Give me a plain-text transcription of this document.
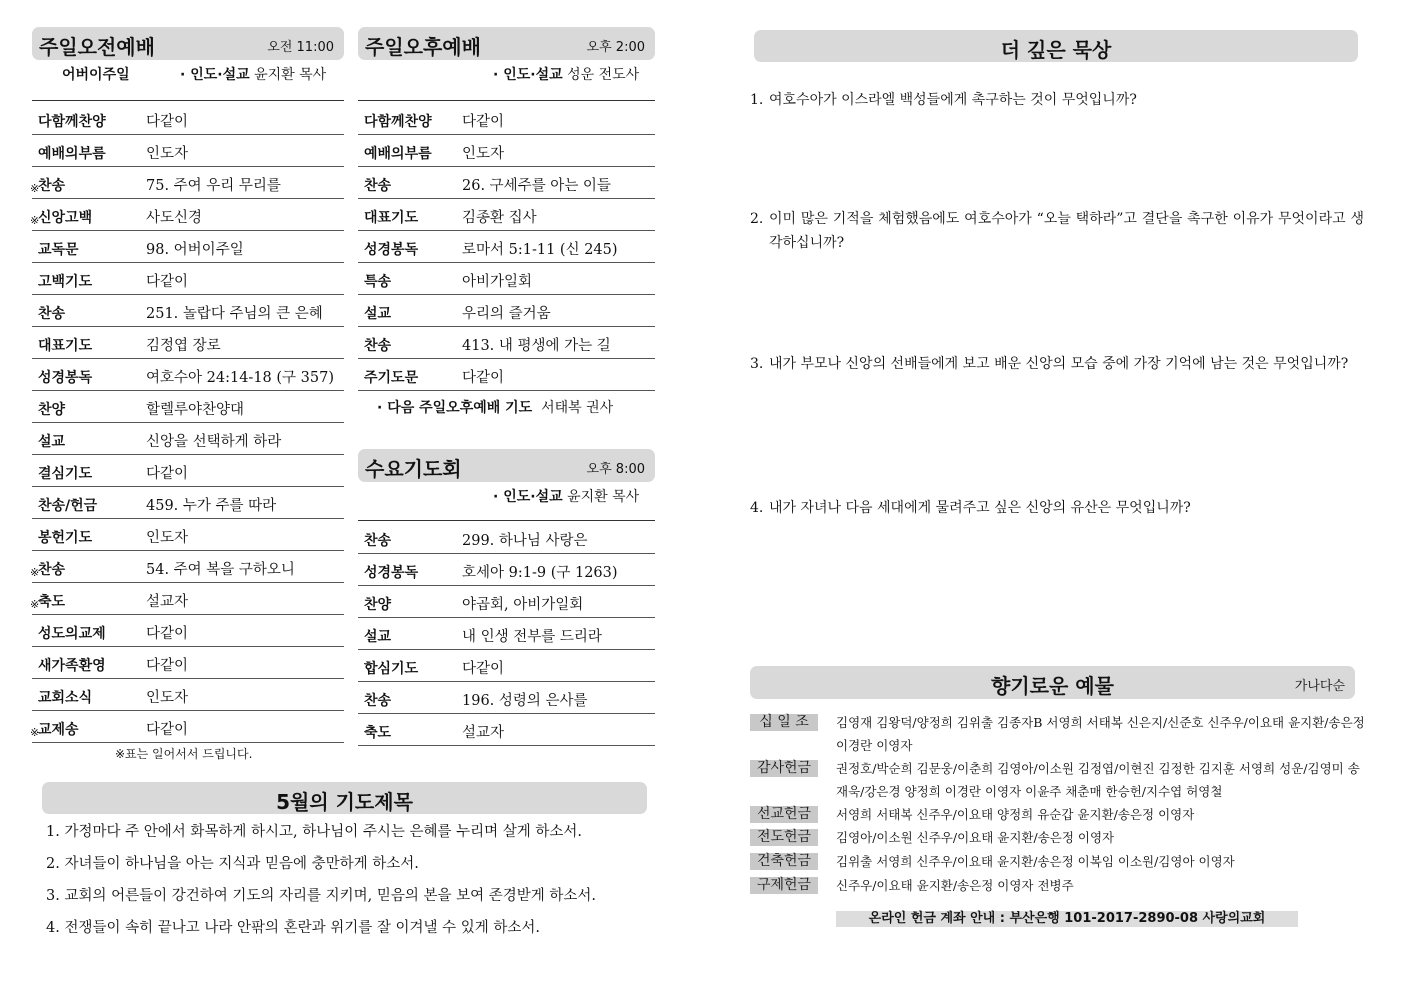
주일오전예배	오전 11:00
어버이주일	· 인도·설교 윤지환 목사
다함께찬양	다같이
예배의부름	인도자
※
찬송	75. 주여 우리 무리를
※
신앙고백	사도신경
교독문	98. 어버이주일
고백기도	다같이
찬송	251. 놀랍다 주님의 큰 은혜
대표기도	김정엽 장로
성경봉독	여호수아 24:14-18 (구 357)
찬양	할렐루야찬양대
설교	신앙을 선택하게 하라
결심기도	다같이
찬송/헌금	459. 누가 주를 따라
봉헌기도	인도자
※
찬송	54. 주여 복을 구하오니
※
축도	설교자
성도의교제	다같이
새가족환영	다같이
교회소식	인도자
※
교제송	다같이
※표는 일어서서 드립니다.
주일오후예배	오후 2:00
· 인도·설교 성운 전도사
다함께찬양	다같이
예배의부름	인도자
찬송	26. 구세주를 아는 이들
대표기도	김종환 집사
성경봉독	로마서 5:1-11 (신 245)
특송	아비가일회
설교	우리의 즐거움
찬송	413. 내 평생에 가는 길
주기도문	다같이
· 다음 주일오후예배 기도 서태복 권사
수요기도회	오후 8:00
· 인도·설교 윤지환 목사
찬송	299. 하나님 사랑은
성경봉독	호세아 9:1-9 (구 1263)
찬양	야곱회, 아비가일회
설교	내 인생 전부를 드리라
합심기도	다같이
찬송	196. 성령의 은사를
축도	설교자
5월의 기도제목
1. 가정마다 주 안에서 화목하게 하시고, 하나님이 주시는 은혜를 누리며 살게 하소서.
2. 자녀들이 하나님을 아는 지식과 믿음에 충만하게 하소서.
3. 교회의 어른들이 강건하여 기도의 자리를 지키며, 믿음의 본을 보여 존경받게 하소서.
4. 전쟁들이 속히 끝나고 나라 안팎의 혼란과 위기를 잘 이겨낼 수 있게 하소서.
더 깊은 묵상
1. 여호수아가 이스라엘 백성들에게 촉구하는 것이 무엇입니까?
2. 이미 많은 기적을 체험했음에도 여호수아가 “오늘 택하라”고 결단을 촉구한 이유가 무엇이라고 생각하십니까?
3. 내가 부모나 신앙의 선배들에게 보고 배운 신앙의 모습 중에 가장 기억에 남는 것은 무엇입니까?
4. 내가 자녀나 다음 세대에게 물려주고 싶은 신앙의 유산은 무엇입니까?
향기로운 예물	가나다순
십 일 조	김영재 김왕덕/양정희 김위출 김종자B 서영희 서태복 신은지/신준호 신주우/이요태 윤지환/송은정 이경란 이영자
감사헌금	권정호/박순희 김문웅/이춘희 김영아/이소원 김정엽/이현진 김정한 김지훈 서영희 성운/김영미 송재욱/강은경 양정희 이경란 이영자 이윤주 채춘매 한승헌/지수엽 허영철
선교헌금	서영희 서태복 신주우/이요태 양정희 유순갑 윤지환/송은정 이영자
전도헌금	김영아/이소원 신주우/이요태 윤지환/송은정 이영자
건축헌금	김위출 서영희 신주우/이요태 윤지환/송은정 이복임 이소원/김영아 이영자
구제헌금	신주우/이요태 윤지환/송은정 이영자 전병주
온라인 헌금 계좌 안내 : 부산은행 101-2017-2890-08 사랑의교회
